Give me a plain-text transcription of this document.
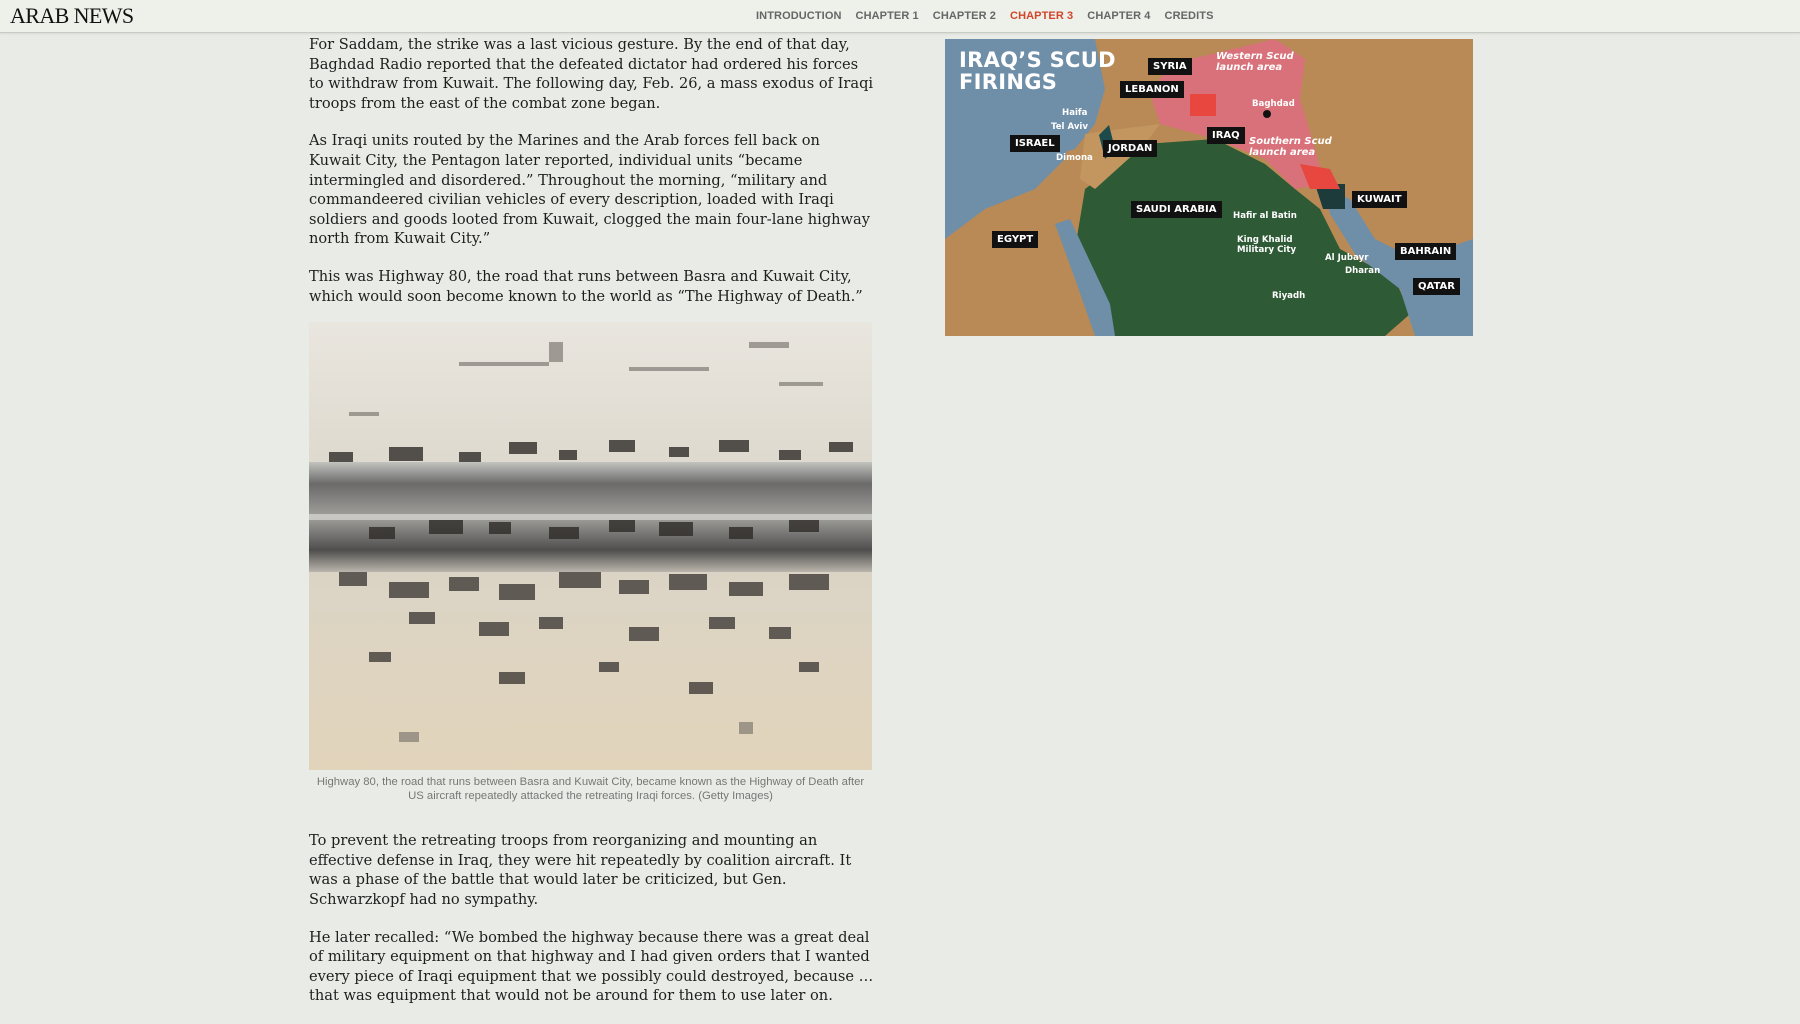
ARAB NEWS	INTRODUCTION CHAPTER 1 CHAPTER 2 CHAPTER 3 CHAPTER 4 CREDITS

For Saddam, the strike was a last vicious gesture. By the end of that day, Baghdad Radio reported that the defeated dictator had ordered his forces to withdraw from Kuwait. The following day, Feb. 26, a mass exodus of Iraqi troops from the east of the combat zone began.

As Iraqi units routed by the Marines and the Arab forces fell back on Kuwait City, the Pentagon later reported, individual units “became intermingled and disordered.” Throughout the morning, “military and commandeered civilian vehicles of every description, loaded with Iraqi soldiers and goods looted from Kuwait, clogged the main four-lane highway north from Kuwait City.”

This was Highway 80, the road that runs between Basra and Kuwait City, which would soon become known to the world as “The Highway of Death.”

Highway 80, the road that runs between Basra and Kuwait City, became known as the Highway of Death after US aircraft repeatedly attacked the retreating Iraqi forces. (Getty Images)

To prevent the retreating troops from reorganizing and mounting an effective defense in Iraq, they were hit repeatedly by coalition aircraft. It was a phase of the battle that would later be criticized, but Gen. Schwarzkopf had no sympathy.

He later recalled: “We bombed the highway because there was a great deal of military equipment on that highway and I had given orders that I wanted every piece of Iraqi equipment that we possibly could destroyed, because … that was equipment that would not be around for them to use later on.

IRAQ’S SCUD FIRINGS
SYRIA
LEBANON
ISRAEL	JORDAN
IRAQ
SAUDI ARABIA
KUWAIT
EGYPT
BAHRAIN
QATAR
Haifa
Tel Aviv
Dimona
Baghdad
Hafir al Batin
King Khalid Military City
Al Jubayr
Dharan
Riyadh
Western Scud launch area
Southern Scud launch area
